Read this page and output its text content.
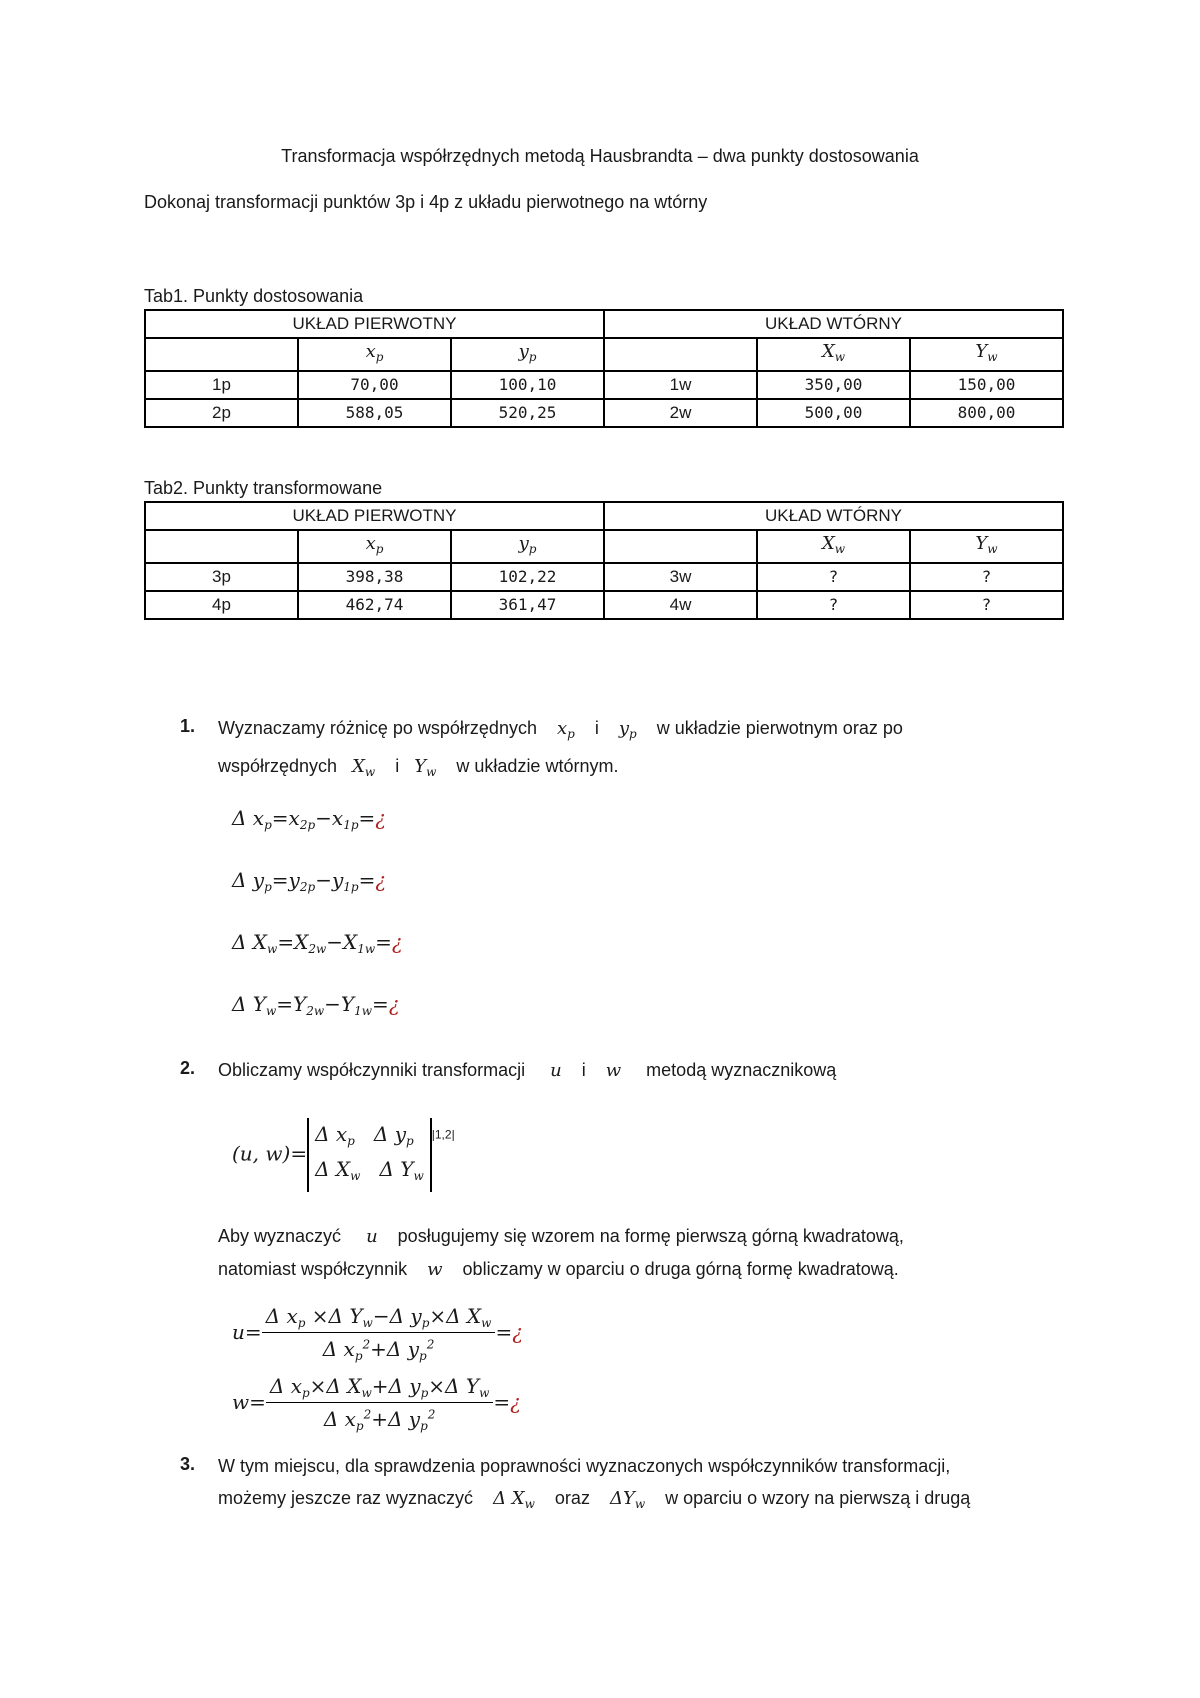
Transformacja współrzędnych metodą Hausbrandta – dwa punkty dostosowania
Dokonaj transformacji punktów 3p i 4p z układu pierwotnego na wtórny
Tab1. Punkty dostosowania
UKŁAD PIERWOTNY			UKŁAD WTÓRNY		
	$x_p$	$y_p$		$X_w$	$Y_w$
1p	70,00	100,10	1w	350,00	150,00
2p	588,05	520,25	2w	500,00	800,00
Tab2. Punkty transformowane
UKŁAD PIERWOTNY			UKŁAD WTÓRNY		
	$x_p$	$y_p$		$X_w$	$Y_w$
3p	398,38	102,22	3w	?	?
4p	462,74	361,47	4w	?	?
1. Wyznaczamy różnicę po współrzędnych $x_p$ i $y_p$ w układzie pierwotnym oraz po
współrzędnych $X_w$ i $Y_w$ w układzie wtórnym.
Δ $x_p=x_{2p}-x_{1p}=¿$
Δ $y_p=y_{2p}-y_{1p}=¿$
Δ $X_w=X_{2w}-X_{1w}=¿$
Δ $Y_w=Y_{2w}-Y_{1w}=¿$
2. Obliczamy współczynniki transformacji u i w metodą wyznacznikową
(u, w)=Δ $x_p$   Δ $y_p$
Δ $X_w$   Δ $Y_w^{|1,2|}$
Aby wyznaczyć u posługujemy się wzorem na formę pierwszą górną kwadratową,
natomiast współczynnik w obliczamy w oparciu o druga górną formę kwadratową.
$u= \frac{\Delta x_p \times\Delta Y_w-\Delta y_p\times\Delta X_w}{\Delta x_p^2+\Delta y_p^2}$ =¿
$w= \frac{\Delta x_p\times\Delta X_w+\Delta y_p\times\Delta Y_w}{\Delta x_p^2+\Delta y_p^2}$ =¿
3. W tym miejscu, dla sprawdzenia poprawności wyznaczonych współczynników transformacji,
możemy jeszcze raz wyznaczyć Δ $X_w$ oraz $\Delta Y_w$ w oparciu o wzory na pierwszą i drugą
